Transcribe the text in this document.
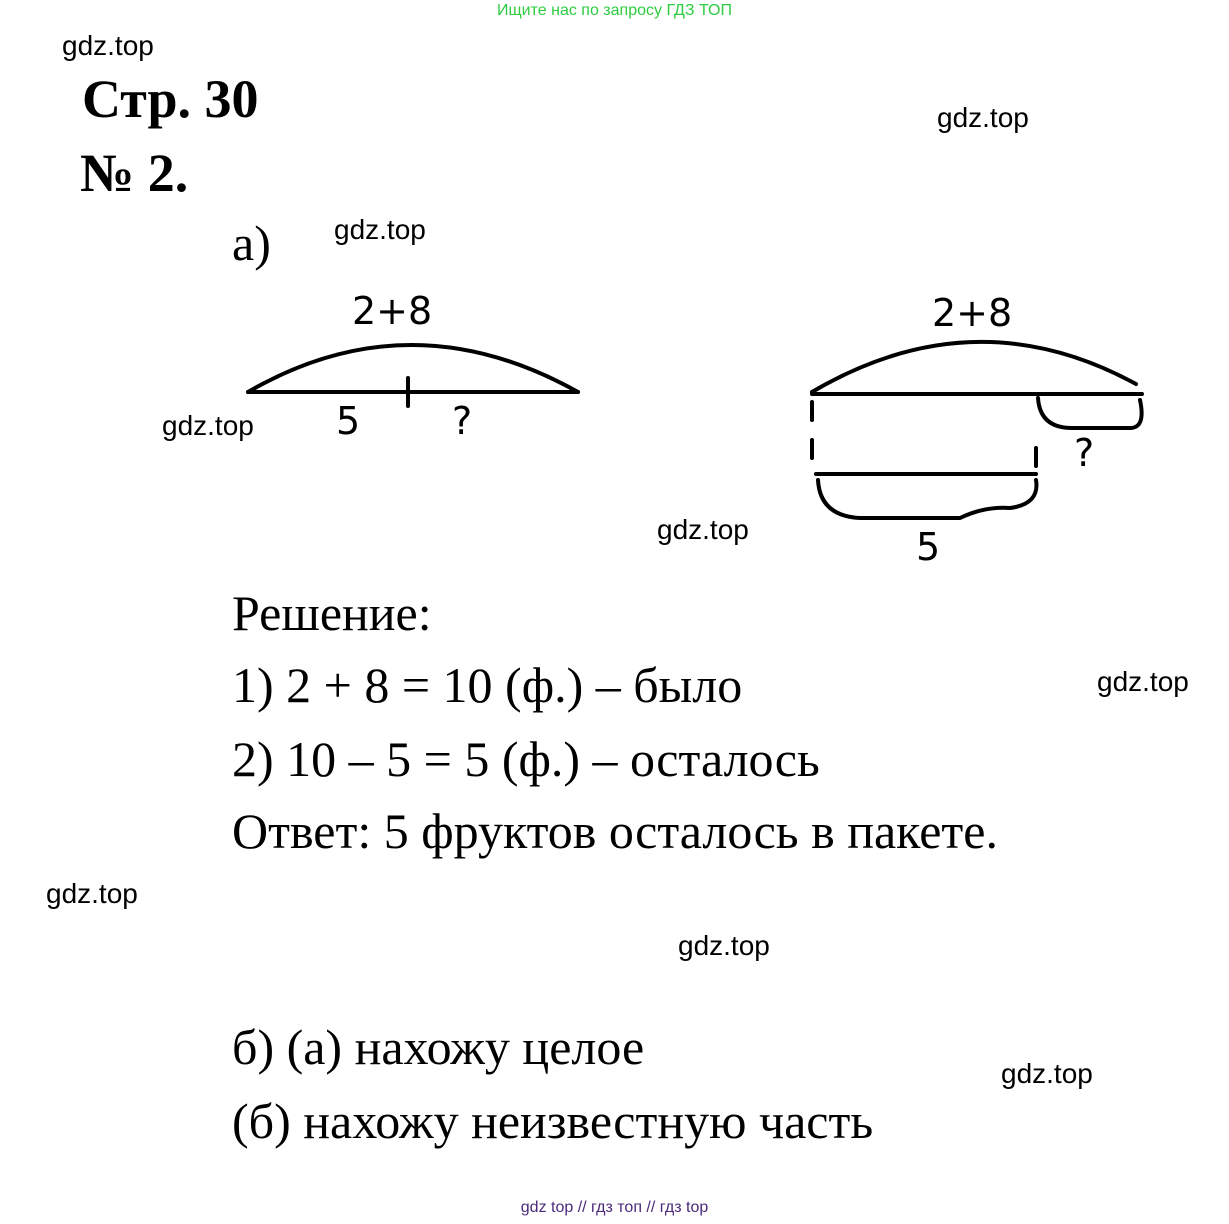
Ищите нас по запросу ГДЗ ТОП
gdz.top
gdz.top
gdz.top
gdz.top
gdz.top
gdz.top
gdz.top
gdz.top
gdz.top
Стр. 30
№ 2.
а)
2+8
5 ?
2+8
?
5
Решение:
1) 2 + 8 = 10 (ф.) – было
2) 10 – 5 = 5 (ф.) – осталось
Ответ: 5 фруктов осталось в пакете.
б) (а) нахожу целое
(б) нахожу неизвестную часть
gdz top // гдз топ // гдз top
